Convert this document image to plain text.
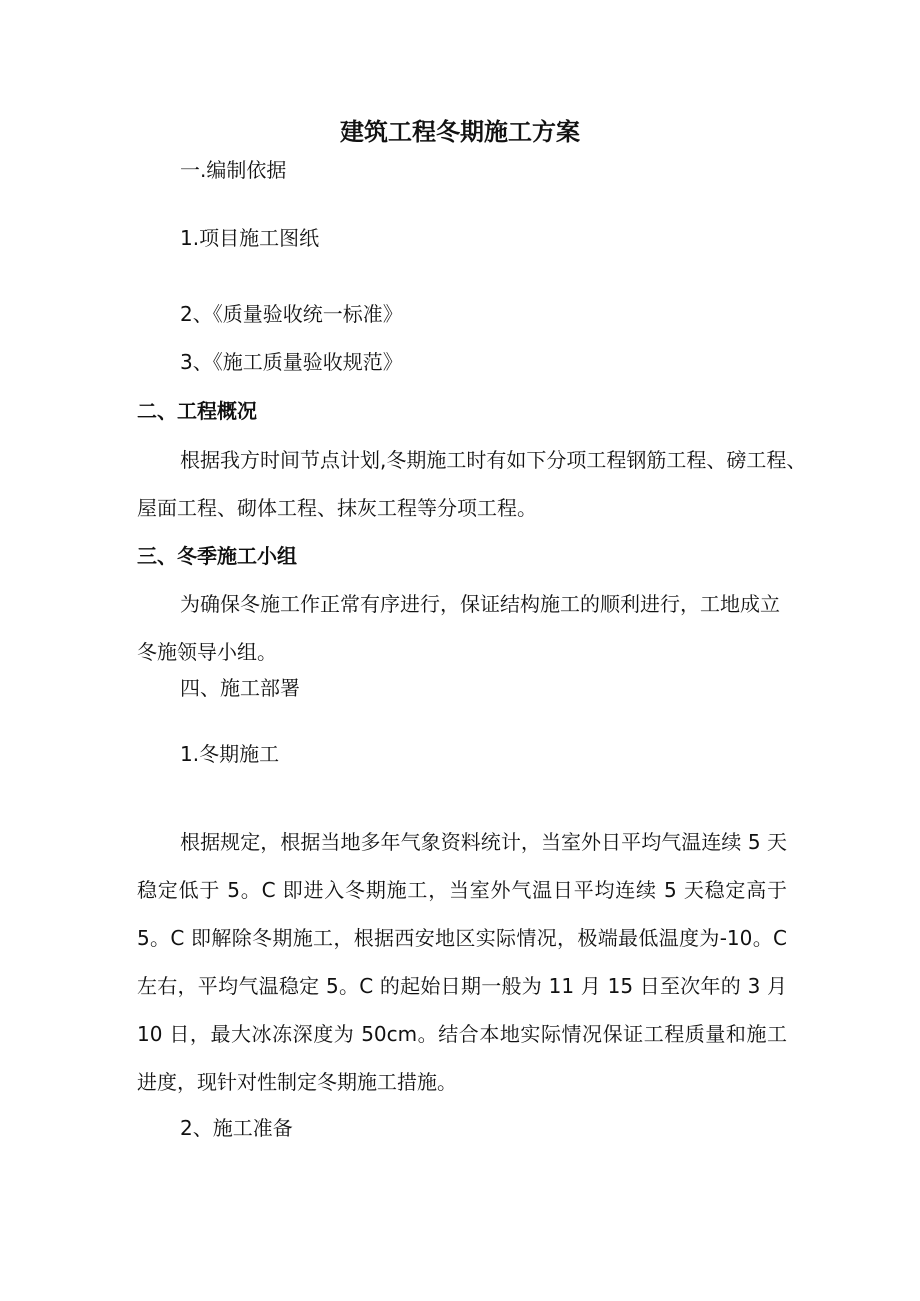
建筑工程冬期施工方案

一.编制依据

1.项目施工图纸

2、《质量验收统一标准》

3、《施工质量验收规范》

二、工程概况

根据我方时间节点计划,冬期施工时有如下分项工程钢筋工程、磅工程、

屋面工程、砌体工程、抹灰工程等分项工程。

三、冬季施工小组

为确保冬施工作正常有序进行，保证结构施工的顺利进行，工地成立

冬施领导小组。

四、施工部署

1.冬期施工

根据规定，根据当地多年气象资料统计，当室外日平均气温连续 5 天稳定低于 5。C 即进入冬期施工，当室外气温日平均连续 5 天稳定高于 5。C 即解除冬期施工，根据西安地区实际情况，极端最低温度为-10。C 左右，平均气温稳定 5。C 的起始日期一般为 11 月 15 日至次年的 3 月 10 日，最大冰冻深度为 50cm。结合本地实际情况保证工程质量和施工进度，现针对性制定冬期施工措施。

2、施工准备
